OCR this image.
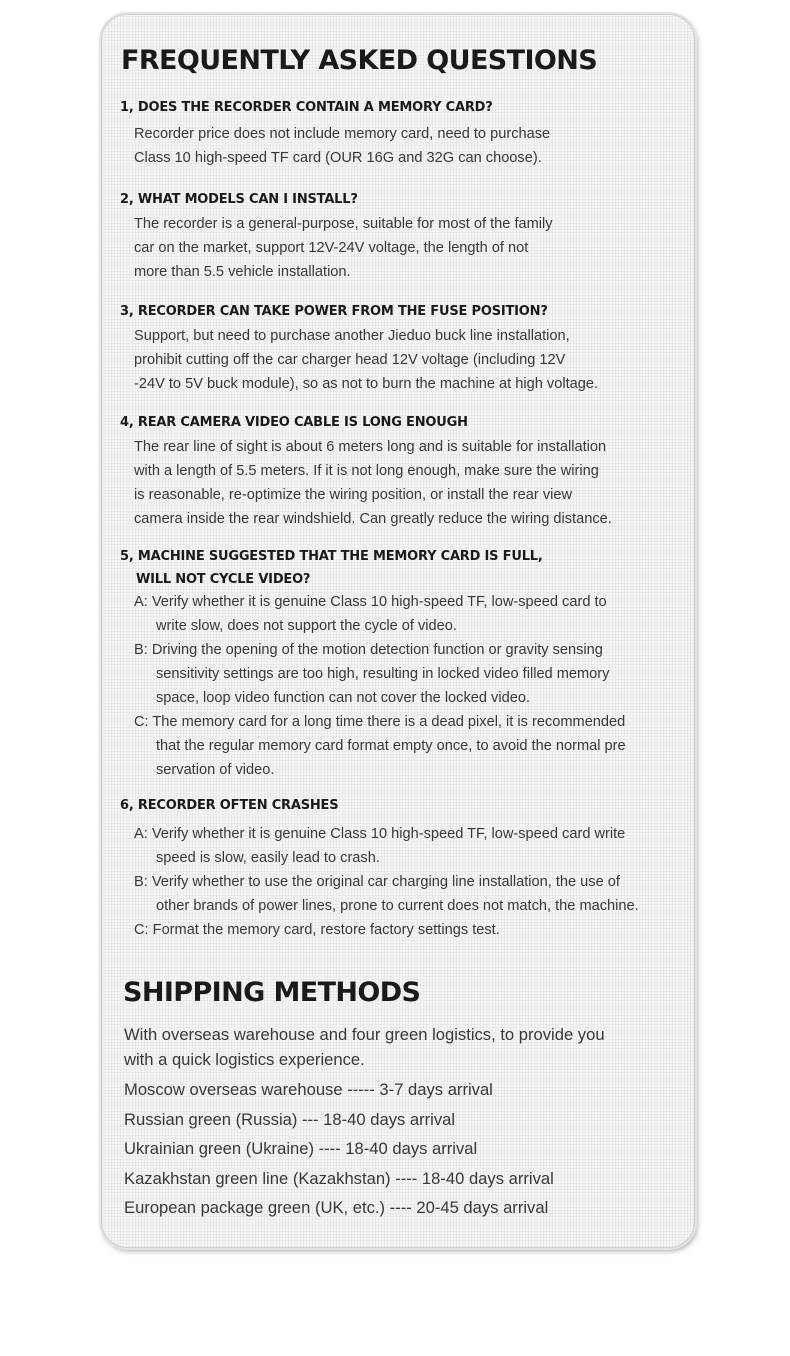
FREQUENTLY ASKED QUESTIONS
1, DOES THE RECORDER CONTAIN A MEMORY CARD?
Recorder price does not include memory card, need to purchase
Class 10 high-speed TF card (OUR 16G and 32G can choose).
2, WHAT MODELS CAN I INSTALL?
The recorder is a general-purpose, suitable for most of the family
car on the market, support 12V-24V voltage, the length of not
more than 5.5 vehicle installation.
3, RECORDER CAN TAKE POWER FROM THE FUSE POSITION?
Support, but need to purchase another Jieduo buck line installation,
prohibit cutting off the car charger head 12V voltage (including 12V
-24V to 5V buck module), so as not to burn the machine at high voltage.
4, REAR CAMERA VIDEO CABLE IS LONG ENOUGH
The rear line of sight is about 6 meters long and is suitable for installation
with a length of 5.5 meters. If it is not long enough, make sure the wiring
is reasonable, re-optimize the wiring position, or install the rear view
camera inside the rear windshield. Can greatly reduce the wiring distance.
5, MACHINE SUGGESTED THAT THE MEMORY CARD IS FULL,
WILL NOT CYCLE VIDEO?
A: Verify whether it is genuine Class 10 high-speed TF, low-speed card to
write slow, does not support the cycle of video.
B: Driving the opening of the motion detection function or gravity sensing
sensitivity settings are too high, resulting in locked video filled memory
space, loop video function can not cover the locked video.
C: The memory card for a long time there is a dead pixel, it is recommended
that the regular memory card format empty once, to avoid the normal pre
servation of video.
6, RECORDER OFTEN CRASHES
A: Verify whether it is genuine Class 10 high-speed TF, low-speed card write
speed is slow, easily lead to crash.
B: Verify whether to use the original car charging line installation, the use of
other brands of power lines, prone to current does not match, the machine.
C: Format the memory card, restore factory settings test.
SHIPPING METHODS
With overseas warehouse and four green logistics, to provide you
with a quick logistics experience.
Moscow overseas warehouse ----- 3-7 days arrival
Russian green (Russia) --- 18-40 days arrival
Ukrainian green (Ukraine) ---- 18-40 days arrival
Kazakhstan green line (Kazakhstan) ---- 18-40 days arrival
European package green (UK, etc.) ---- 20-45 days arrival
